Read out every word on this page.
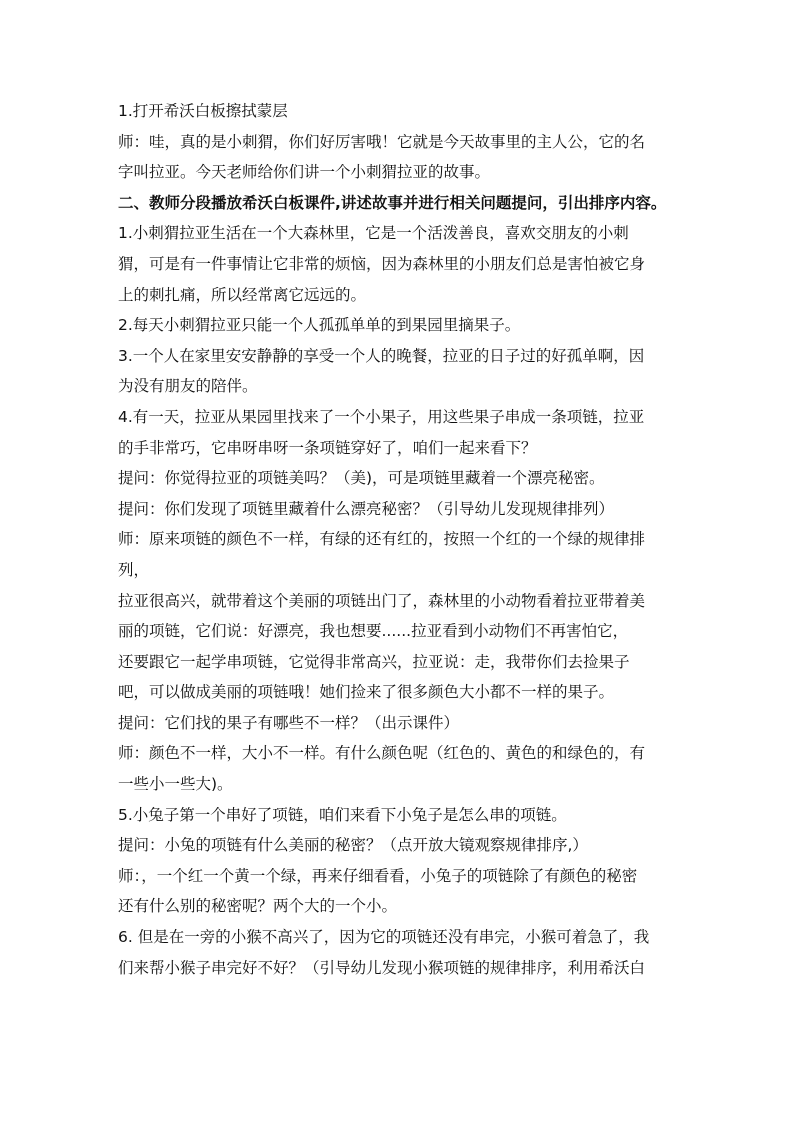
1.打开希沃白板擦拭蒙层
师：哇，真的是小刺猬，你们好厉害哦！它就是今天故事里的主人公，它的名
字叫拉亚。今天老师给你们讲一个小刺猬拉亚的故事。
二、教师分段播放希沃白板课件,讲述故事并进行相关问题提问，引出排序内容。
1.小刺猬拉亚生活在一个大森林里，它是一个活泼善良，喜欢交朋友的小刺
猬，可是有一件事情让它非常的烦恼，因为森林里的小朋友们总是害怕被它身
上的刺扎痛，所以经常离它远远的。
2.每天小刺猬拉亚只能一个人孤孤单单的到果园里摘果子。
3.一个人在家里安安静静的享受一个人的晚餐，拉亚的日子过的好孤单啊，因
为没有朋友的陪伴。
4.有一天，拉亚从果园里找来了一个小果子，用这些果子串成一条项链，拉亚
的手非常巧，它串呀串呀一条项链穿好了，咱们一起来看下？
提问：你觉得拉亚的项链美吗？（美)，可是项链里藏着一个漂亮秘密。
提问：你们发现了项链里藏着什么漂亮秘密？（引导幼儿发现规律排列）
师：原来项链的颜色不一样，有绿的还有红的，按照一个红的一个绿的规律排
列，
拉亚很高兴，就带着这个美丽的项链出门了，森林里的小动物看着拉亚带着美
丽的项链，它们说：好漂亮，我也想要......拉亚看到小动物们不再害怕它，
还要跟它一起学串项链，它觉得非常高兴，拉亚说：走，我带你们去捡果子
吧，可以做成美丽的项链哦！她们捡来了很多颜色大小都不一样的果子。
提问：它们找的果子有哪些不一样？（出示课件）
师：颜色不一样，大小不一样。有什么颜色呢（红色的、黄色的和绿色的，有
一些小一些大)。
5.小兔子第一个串好了项链，咱们来看下小兔子是怎么串的项链。
提问：小兔的项链有什么美丽的秘密？（点开放大镜观察规律排序,）
师：，一个红一个黄一个绿，再来仔细看看，小兔子的项链除了有颜色的秘密
还有什么别的秘密呢？两个大的一个小。
6. 但是在一旁的小猴不高兴了，因为它的项链还没有串完，小猴可着急了，我
们来帮小猴子串完好不好？（引导幼儿发现小猴项链的规律排序，利用希沃白
